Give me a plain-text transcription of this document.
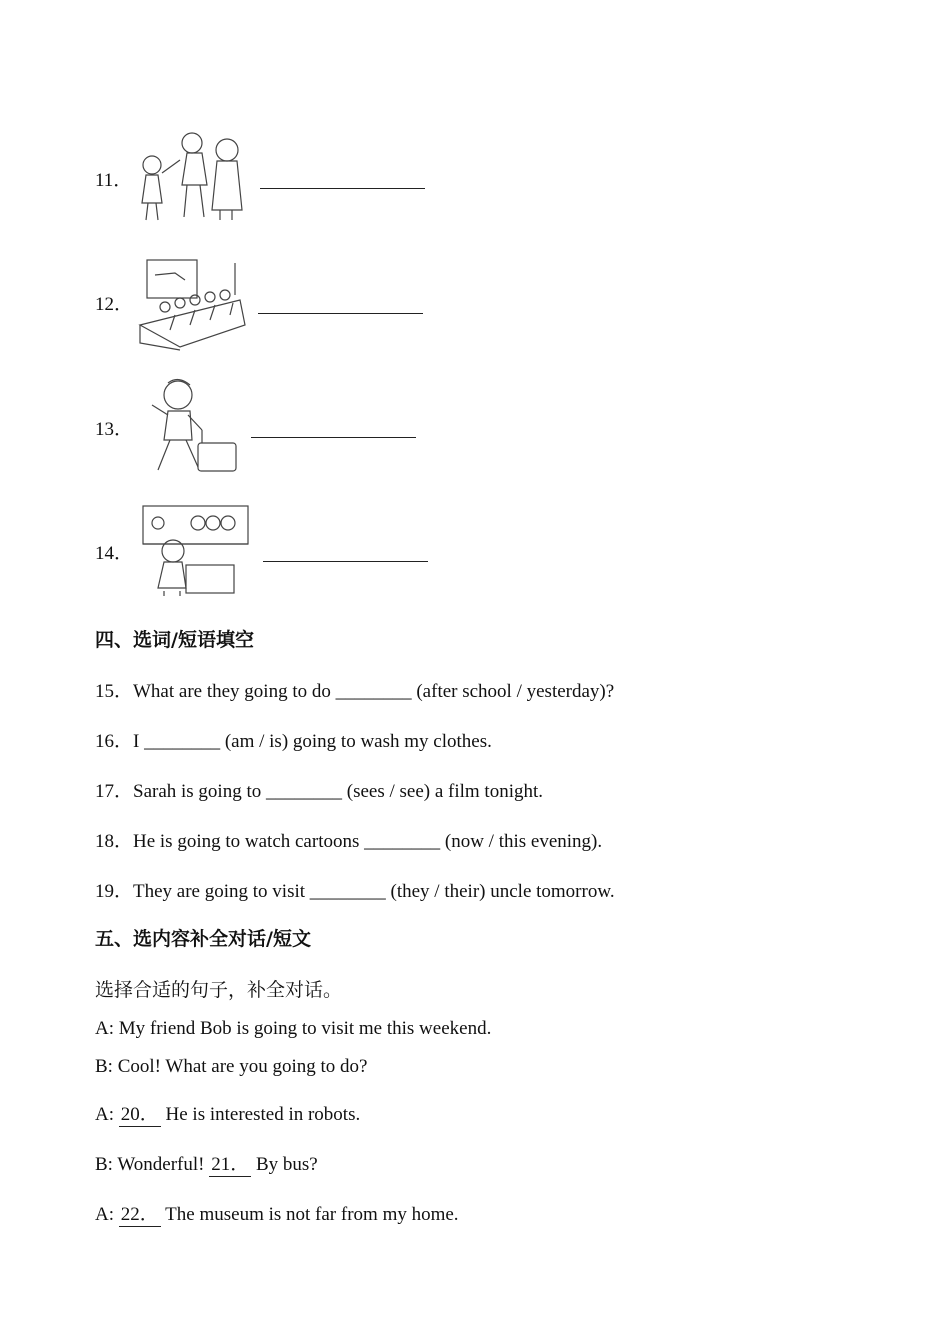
11．
12．
13．
14．
四、选词/短语填空
15．What are they going to do ________ (after school / yesterday)?
16．I ________ (am / is) going to wash my clothes.
17．Sarah is going to ________ (sees / see) a film tonight.
18．He is going to watch cartoons ________ (now / this evening).
19．They are going to visit ________ (they / their) uncle tomorrow.
五、选内容补全对话/短文
选择合适的句子，补全对话。
A: My friend Bob is going to visit me this weekend.
B: Cool! What are you going to do?
A: 20． He is interested in robots.
B: Wonderful! 21． By bus?
A: 22． The museum is not far from my home.
